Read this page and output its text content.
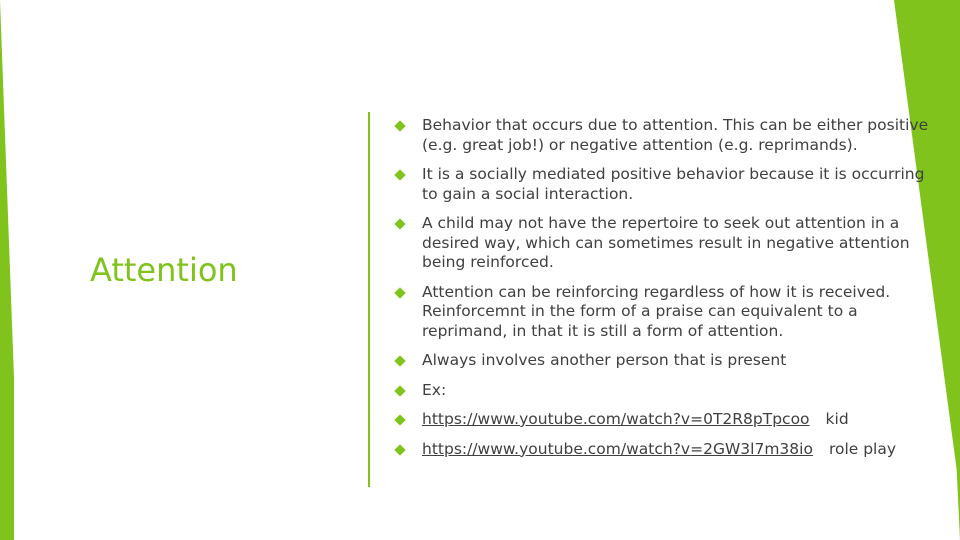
Attention
Behavior that occurs due to attention. This can be either positive (e.g. great job!) or negative attention (e.g. reprimands).
It is a socially mediated positive behavior because it is occurring to gain a social interaction.
A child may not have the repertoire to seek out attention in a desired way, which can sometimes result in negative attention being reinforced.
Attention can be reinforcing regardless of how it is received. Reinforcemnt in the form of a praise can equivalent to a reprimand, in that it is still a form of attention.
Always involves another person that is present
Ex:
https://www.youtube.com/watch?v=0T2R8pTpcoo kid
https://www.youtube.com/watch?v=2GW3l7m38io role play
